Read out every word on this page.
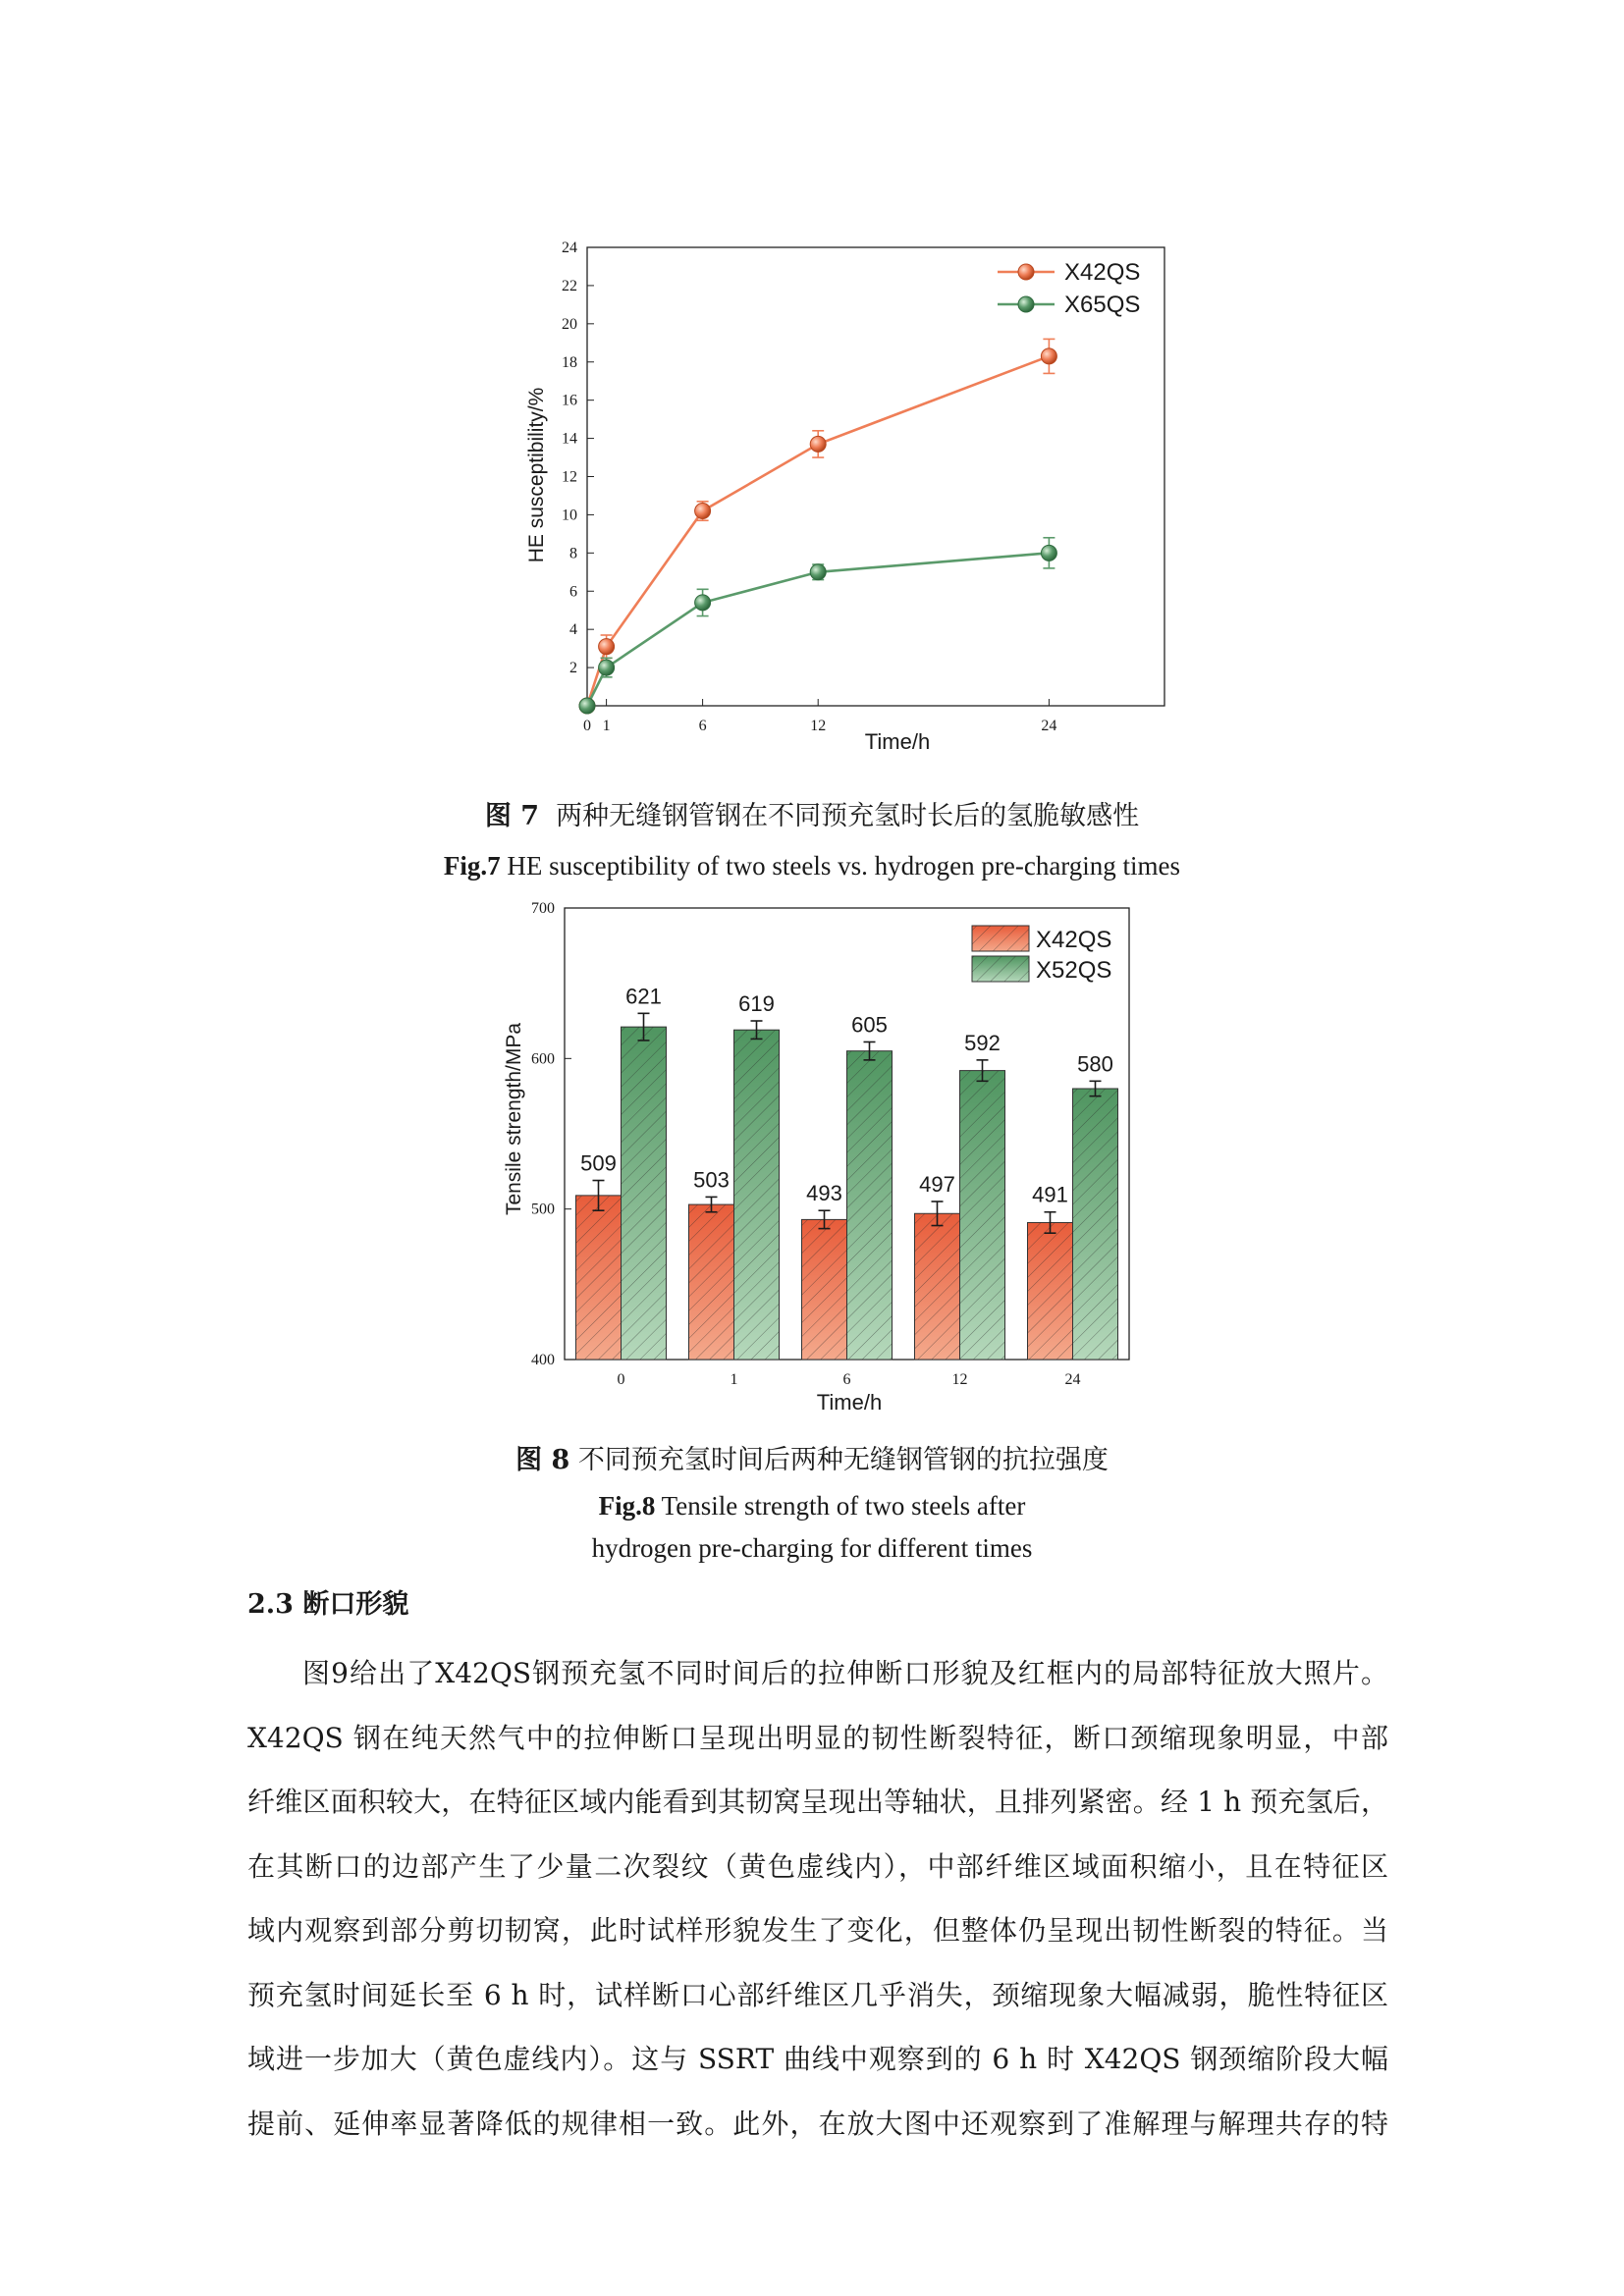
2
4
6
8
10
12
14
16
18
20
22
24
0 1	6	12	24
Time/h
HE susceptibility/%
X42QS
X65QS
图 7 两种无缝钢管钢在不同预充氢时长后的氢脆敏感性
Fig.7 HE susceptibility of two steels vs. hydrogen pre-charging times
400
500
600
700
0
509
621
1
503
619
6
493
605
12
497
592
24
491
580
Time/h
Tensile strength/MPa
X42QS
X52QS
图 8 不同预充氢时间后两种无缝钢管钢的抗拉强度
Fig.8 Tensile strength of two steels after
hydrogen pre-charging for different times
2.3 断口形貌

图9给出了X42QS钢预充氢不同时间后的拉伸断口形貌及红框内的局部特征放大照片。
X42QS 钢在纯天然气中的拉伸断口呈现出明显的韧性断裂特征，断口颈缩现象明显，中部
纤维区面积较大，在特征区域内能看到其韧窝呈现出等轴状，且排列紧密。经 1 h 预充氢后，
在其断口的边部产生了少量二次裂纹（黄色虚线内），中部纤维区域面积缩小，且在特征区
域内观察到部分剪切韧窝，此时试样形貌发生了变化，但整体仍呈现出韧性断裂的特征。当
预充氢时间延长至 6 h 时，试样断口心部纤维区几乎消失，颈缩现象大幅减弱，脆性特征区
域进一步加大（黄色虚线内）。这与 SSRT 曲线中观察到的 6 h 时 X42QS 钢颈缩阶段大幅
提前、延伸率显著降低的规律相一致。此外，在放大图中还观察到了准解理与解理共存的特
